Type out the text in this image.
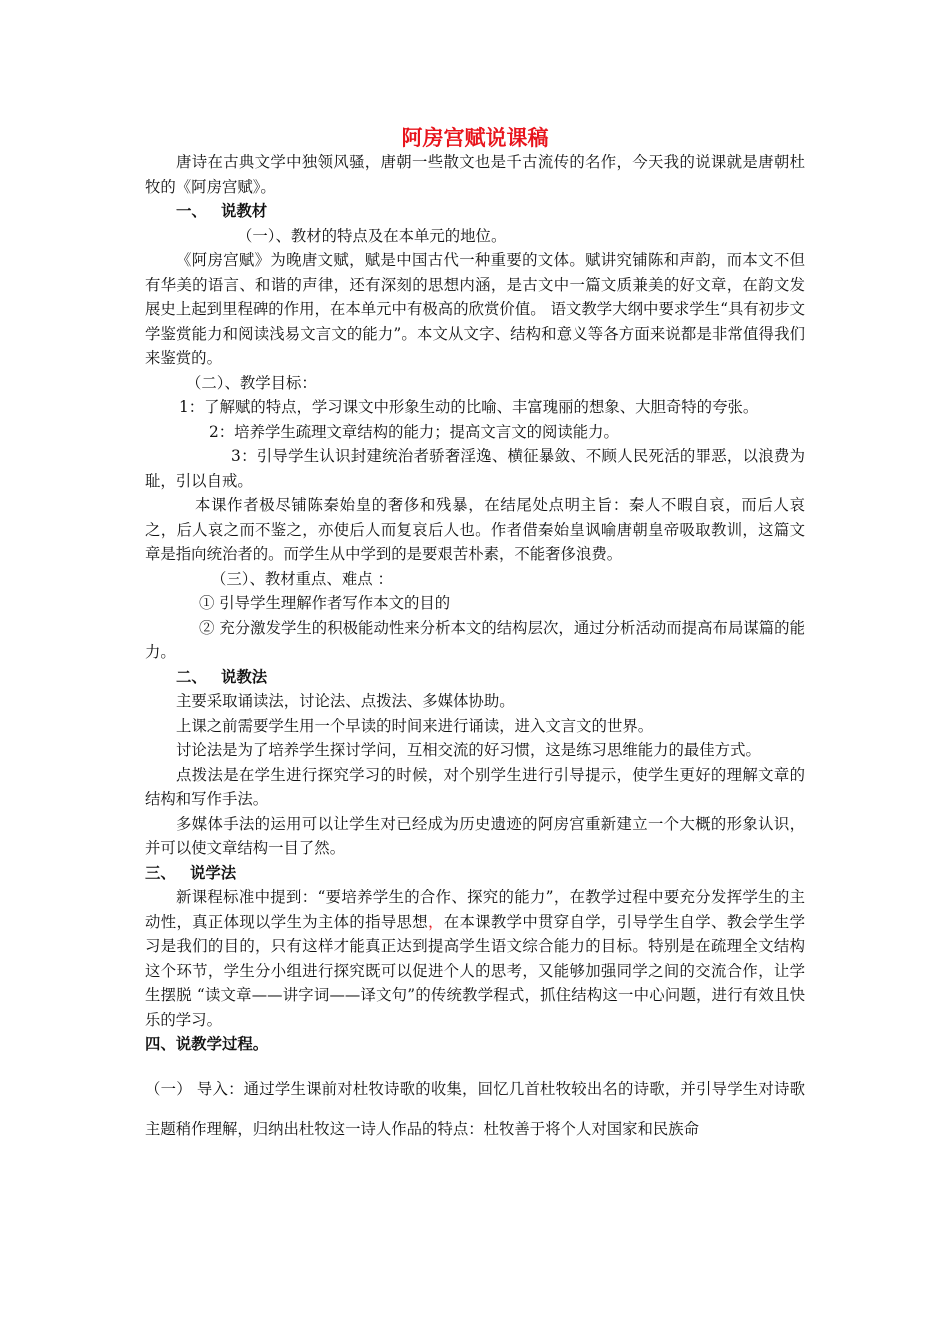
阿房宫赋说课稿

唐诗在古典文学中独领风骚，唐朝一些散文也是千古流传的名作，今天我的说课就是唐朝杜牧的《阿房宫赋》。

一、 说教材

（一）、教材的特点及在本单元的地位。

《阿房宫赋》为晚唐文赋，赋是中国古代一种重要的文体。赋讲究铺陈和声韵，而本文不但有华美的语言、和谐的声律，还有深刻的思想内涵，是古文中一篇文质兼美的好文章，在韵文发展史上起到里程碑的作用，在本单元中有极高的欣赏价值。 语文教学大纲中要求学生“具有初步文学鉴赏能力和阅读浅易文言文的能力”。本文从文字、结构和意义等各方面来说都是非常值得我们来鉴赏的。

（二）、教学目标：

1：了解赋的特点，学习课文中形象生动的比喻、丰富瑰丽的想象、大胆奇特的夸张。

2：培养学生疏理文章结构的能力；提高文言文的阅读能力。

3：引导学生认识封建统治者骄奢淫逸、横征暴敛、不顾人民死活的罪恶，以浪费为耻，引以自戒。

本课作者极尽铺陈秦始皇的奢侈和残暴，在结尾处点明主旨：秦人不暇自哀，而后人哀之，后人哀之而不鉴之，亦使后人而复哀后人也。作者借秦始皇讽喻唐朝皇帝吸取教训，这篇文章是指向统治者的。而学生从中学到的是要艰苦朴素，不能奢侈浪费。

（三）、教材重点、难点 ：

① 引导学生理解作者写作本文的目的

② 充分激发学生的积极能动性来分析本文的结构层次，通过分析活动而提高布局谋篇的能力。

二、 说教法

主要采取诵读法，讨论法、点拨法、多媒体协助。

上课之前需要学生用一个早读的时间来进行诵读，进入文言文的世界。

讨论法是为了培养学生探讨学问，互相交流的好习惯，这是练习思维能力的最佳方式。

点拨法是在学生进行探究学习的时候，对个别学生进行引导提示，使学生更好的理解文章的结构和写作手法。

多媒体手法的运用可以让学生对已经成为历史遗迹的阿房宫重新建立一个大概的形象认识，并可以使文章结构一目了然。

三、 说学法

新课程标准中提到：“要培养学生的合作、探究的能力”，在教学过程中要充分发挥学生的主动性，真正体现以学生为主体的指导思想，在本课教学中贯穿自学，引导学生自学、教会学生学习是我们的目的，只有这样才能真正达到提高学生语文综合能力的目标。特别是在疏理全文结构这个环节，学生分小组进行探究既可以促进个人的思考，又能够加强同学之间的交流合作，让学生摆脱 “读文章——讲字词——译文句”的传统教学程式，抓住结构这一中心问题，进行有效且快乐的学习。

四、说教学过程。

（一） 导入：通过学生课前对杜牧诗歌的收集，回忆几首杜牧较出名的诗歌，并引导学生对诗歌主题稍作理解，归纳出杜牧这一诗人作品的特点：杜牧善于将个人对国家和民族命
